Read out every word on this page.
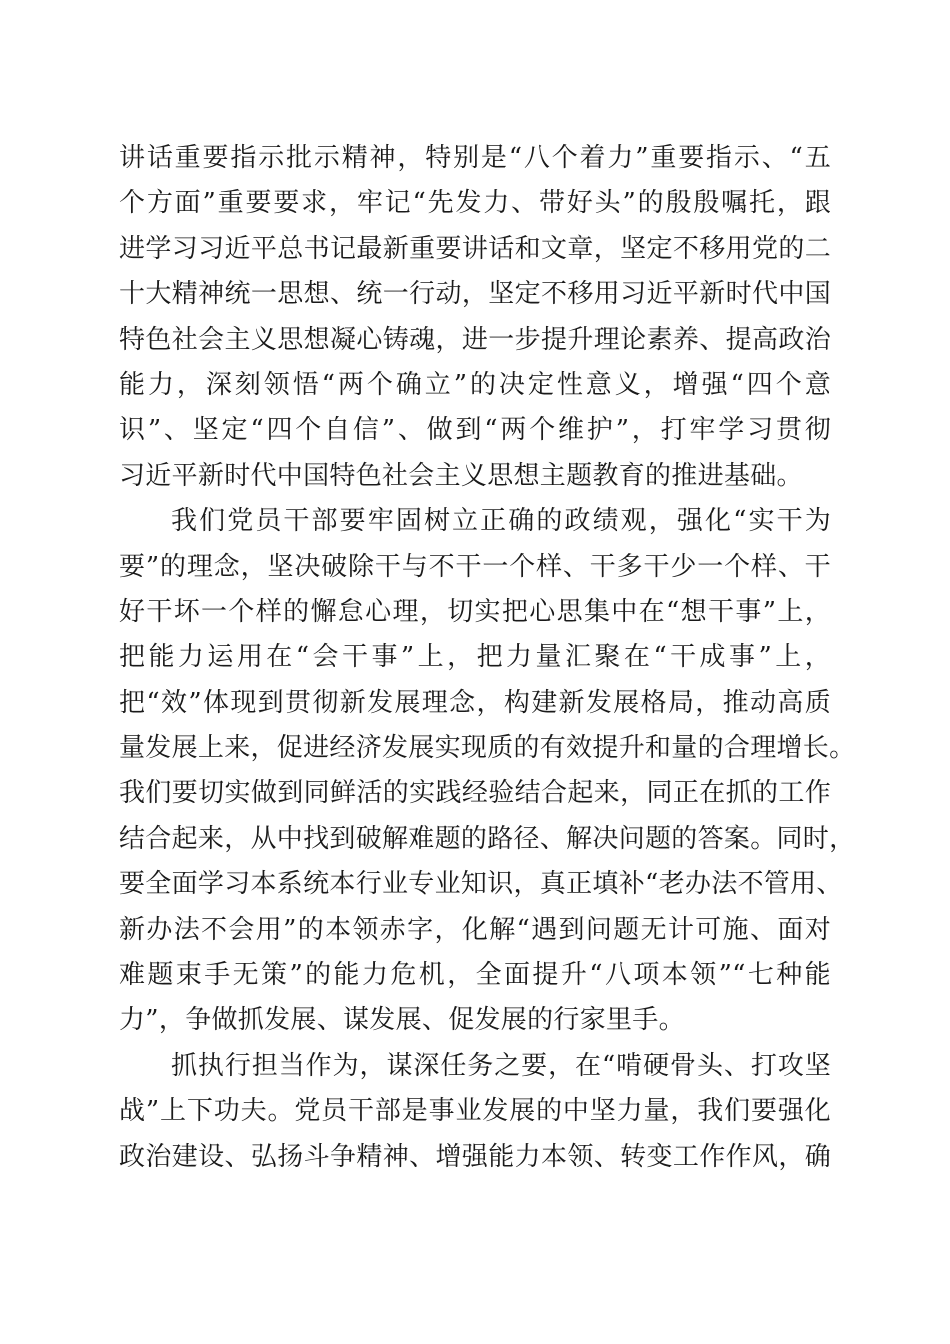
讲话重要指示批示精神，特别是“八个着力”重要指示、“五
个方面”重要要求，牢记“先发力、带好头”的殷殷嘱托，跟
进学习习近平总书记最新重要讲话和文章，坚定不移用党的二
十大精神统一思想、统一行动，坚定不移用习近平新时代中国
特色社会主义思想凝心铸魂，进一步提升理论素养、提高政治
能力，深刻领悟“两个确立”的决定性意义，增强“四个意
识”、坚定“四个自信”、做到“两个维护”，打牢学习贯彻
习近平新时代中国特色社会主义思想主题教育的推进基础。
我们党员干部要牢固树立正确的政绩观，强化“实干为
要”的理念，坚决破除干与不干一个样、干多干少一个样、干
好干坏一个样的懈怠心理，切实把心思集中在“想干事”上，
把能力运用在“会干事”上，把力量汇聚在“干成事”上，
把“效”体现到贯彻新发展理念，构建新发展格局，推动高质
量发展上来，促进经济发展实现质的有效提升和量的合理增长。
我们要切实做到同鲜活的实践经验结合起来，同正在抓的工作
结合起来，从中找到破解难题的路径、解决问题的答案。同时，
要全面学习本系统本行业专业知识，真正填补“老办法不管用、
新办法不会用”的本领赤字，化解“遇到问题无计可施、面对
难题束手无策”的能力危机，全面提升“八项本领”“七种能
力”，争做抓发展、谋发展、促发展的行家里手。
抓执行担当作为，谋深任务之要，在“啃硬骨头、打攻坚
战”上下功夫。党员干部是事业发展的中坚力量，我们要强化
政治建设、弘扬斗争精神、增强能力本领、转变工作作风，确
